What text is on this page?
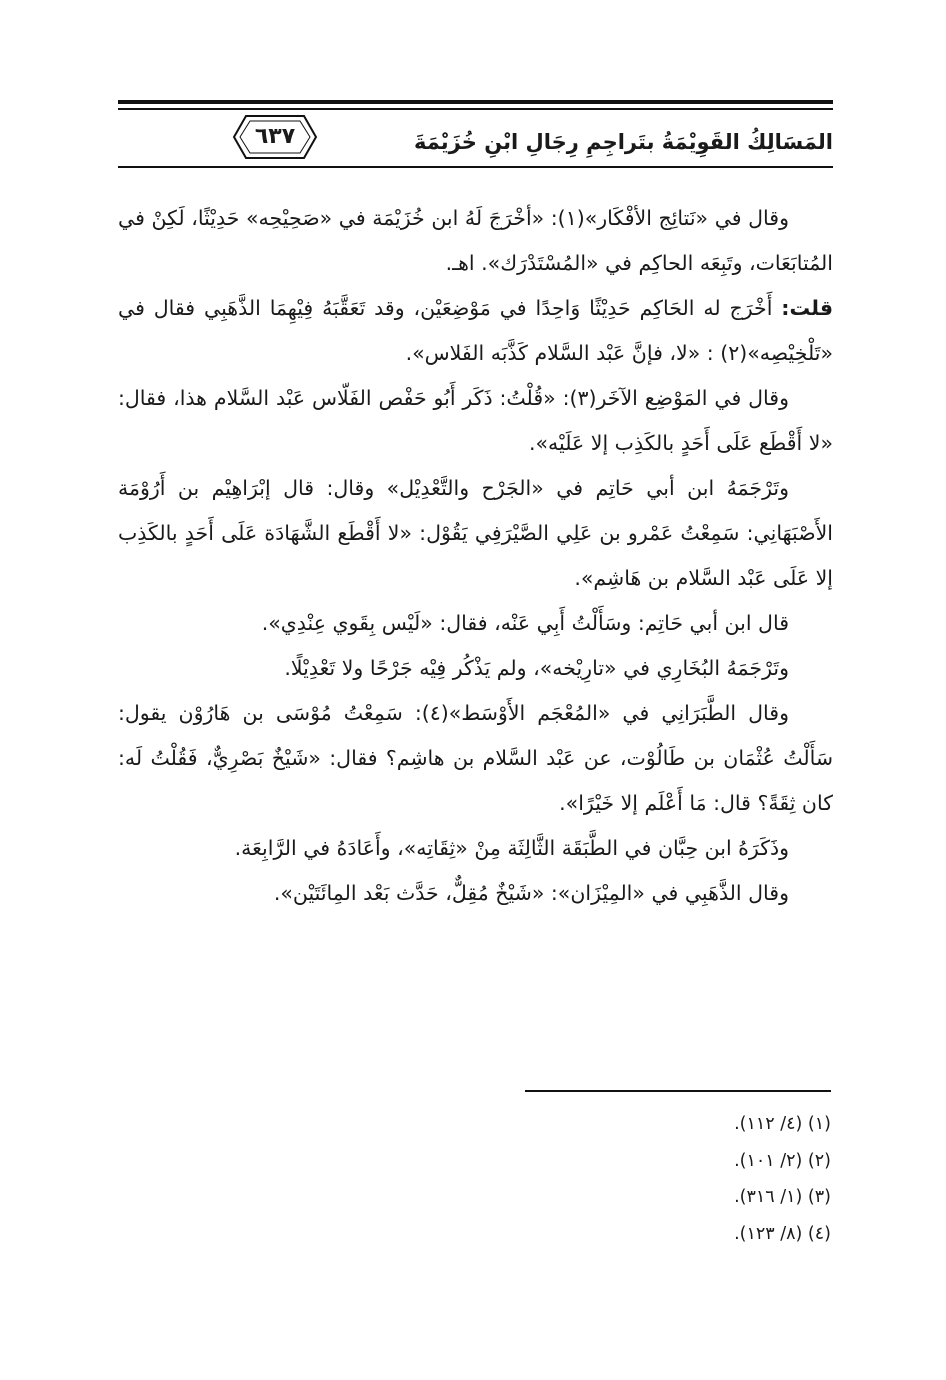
٦٣٧	المَسَالِكُ القَوِيْمَةُ بتَراجِمِ رِجَالِ ابْنِ خُزَيْمَةَ

وقال في «نَتائِج الأفْكَار»(١): «أخْرَجَ لَهُ ابن خُزَيْمَة في «صَحِيْحِه» حَدِيْثًا، لَكِنْ في المُتابَعَات، وتَبِعَه الحاكِم في «المُسْتَدْرَك». اهـ.

قلت: أَخْرَج له الحَاكِم حَدِيْثًا وَاحِدًا في مَوْضِعَيْن، وقد تَعَقَّبَهُ فِيْهِمَا الذَّهَبِي فقال في «تَلْخِيْصِه»(٢) : «لا، فإنَّ عَبْد السَّلام كَذَّبَه الفَلاس».

وقال في المَوْضِع الآخَر(٣): «قُلْتُ: ذَكَر أَبُو حَفْص الفَلّاس عَبْد السَّلام هذا، فقال: «لا أَقْطَع عَلَى أَحَدٍ بالكَذِب إلا عَلَيْه».

وتَرْجَمَهُ ابن أبي حَاتِم في «الجَرْح والتَّعْدِيْل» وقال: قال إبْرَاهِيْم بن أَرُوْمَة الأَصْبَهَانِي: سَمِعْتُ عَمْرو بن عَلِي الصَّيْرَفِي يَقُوْل: «لا أَقْطَع الشَّهَادَة عَلَى أَحَدٍ بالكَذِب إلا عَلَى عَبْد السَّلام بن هَاشِم».

قال ابن أبي حَاتِم: وسَأَلْتُ أَبِي عَنْه، فقال: «لَيْس بِقَوي عِنْدِي».

وتَرْجَمَهُ البُخَارِي في «تارِيْخه»، ولم يَذْكُر فِيْه جَرْحًا ولا تَعْدِيْلًا.

وقال الطَّبَرَانِي في «المُعْجَم الأَوْسَط»(٤): سَمِعْتُ مُوْسَى بن هَارُوْن يقول: سَأَلْتُ عُثْمَان بن طَالُوْت، عن عَبْد السَّلام بن هاشِم؟ فقال: «شَيْخٌ بَصْرِيٌّ، فَقُلْتُ لَه: كان ثِقَةً؟ قال: مَا أَعْلَم إلا خَيْرًا».

وذَكَرَهُ ابن حِبَّان في الطَّبَقَة الثَّالِثَة مِنْ «ثِقَاتِه»، وأَعَادَهُ في الرَّابِعَة.

وقال الذَّهَبِي في «المِيْزَان»: «شَيْخٌ مُقِلٌّ، حَدَّث بَعْد المِائَتَيْن».

(١) (٤/ ١١٢).
(٢) (٢/ ١٠١).
(٣) (١/ ٣١٦).
(٤) (٨/ ١٢٣).
